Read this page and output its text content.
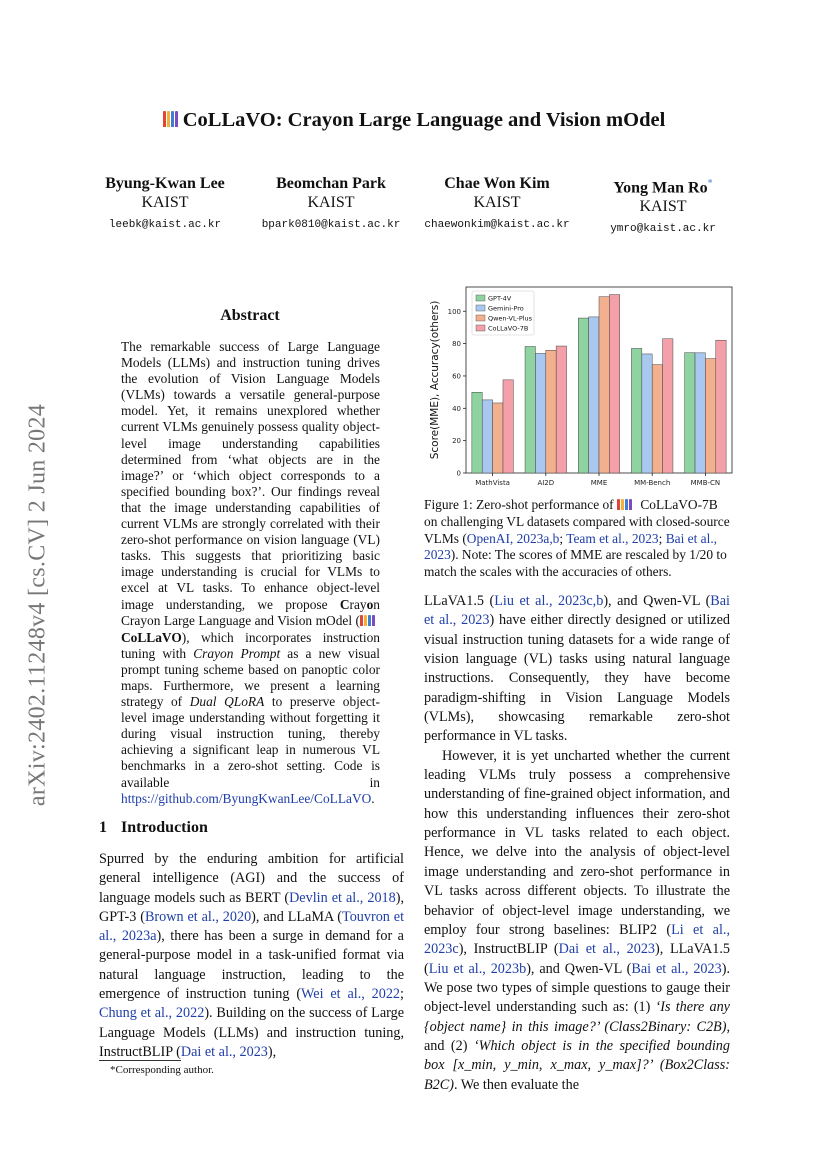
arXiv:2402.11248v4 [cs.CV] 2 Jun 2024
CoLLaVO: Crayon Large Language and Vision mOdel
Byung-Kwan Lee
KAIST
leebk@kaist.ac.kr
Beomchan Park
KAIST
bpark0810@kaist.ac.kr
Chae Won Kim
KAIST
chaewonkim@kaist.ac.kr
Yong Man Ro*
KAIST
ymro@kaist.ac.kr
Abstract
The remarkable success of Large Language Models (LLMs) and instruction tuning drives the evolution of Vision Language Models (VLMs) towards a versatile general-purpose model. Yet, it remains unexplored whether current VLMs genuinely possess quality object-level image understanding capabilities determined from ‘what objects are in the image?’ or ‘which object corresponds to a specified bounding box?’. Our findings reveal that the image understanding capabilities of current VLMs are strongly correlated with their zero-shot performance on vision language (VL) tasks. This suggests that prioritizing basic image understanding is crucial for VLMs to excel at VL tasks. To enhance object-level image understanding, we propose Crayon Crayon Large Language and Vision mOdel (CoLLaVO), which incorporates instruction tuning with Crayon Prompt as a new visual prompt tuning scheme based on panoptic color maps. Furthermore, we present a learning strategy of Dual QLoRA to preserve object-level image understanding without forgetting it during visual instruction tuning, thereby achieving a significant leap in numerous VL benchmarks in a zero-shot setting. Code is available in https://github.com/ByungKwanLee/CoLLaVO.
1 Introduction

Spurred by the enduring ambition for artificial general intelligence (AGI) and the success of language models such as BERT (Devlin et al., 2018), GPT-3 (Brown et al., 2020), and LLaMA (Touvron et al., 2023a), there has been a surge in demand for a general-purpose model in a task-unified format via natural language instruction, leading to the emergence of instruction tuning (Wei et al., 2022; Chung et al., 2022). Building on the success of Large Language Models (LLMs) and instruction tuning, InstructBLIP (Dai et al., 2023),

*Corresponding author.
0
20
40
60
80
100
Score(MME), Accuracy(others)
MathVista	AI2D	MME	MM-Bench	MMB-CN
GPT-4V
Gemini-Pro
Qwen-VL-Plus
CoLLaVO-7B
Figure 1: Zero-shot performance of  CoLLaVO-7B on challenging VL datasets compared with closed-source VLMs (OpenAI, 2023a,b; Team et al., 2023; Bai et al., 2023). Note: The scores of MME are rescaled by 1/20 to match the scales with the accuracies of others.

LLaVA1.5 (Liu et al., 2023c,b), and Qwen-VL (Bai et al., 2023) have either directly designed or utilized visual instruction tuning datasets for a wide range of vision language (VL) tasks using natural language instructions. Consequently, they have become paradigm-shifting in Vision Language Models (VLMs), showcasing remarkable zero-shot performance in VL tasks.

However, it is yet uncharted whether the current leading VLMs truly possess a comprehensive understanding of fine-grained object information, and how this understanding influences their zero-shot performance in VL tasks related to each object. Hence, we delve into the analysis of object-level image understanding and zero-shot performance in VL tasks across different objects. To illustrate the behavior of object-level image understanding, we employ four strong baselines: BLIP2 (Li et al., 2023c), InstructBLIP (Dai et al., 2023), LLaVA1.5 (Liu et al., 2023b), and Qwen-VL (Bai et al., 2023). We pose two types of simple questions to gauge their object-level understanding such as: (1) ‘Is there any {object name} in this image?’ (Class2Binary: C2B), and (2) ‘Which object is in the specified bounding box [x_min, y_min, x_max, y_max]?’ (Box2Class: B2C). We then evaluate the
